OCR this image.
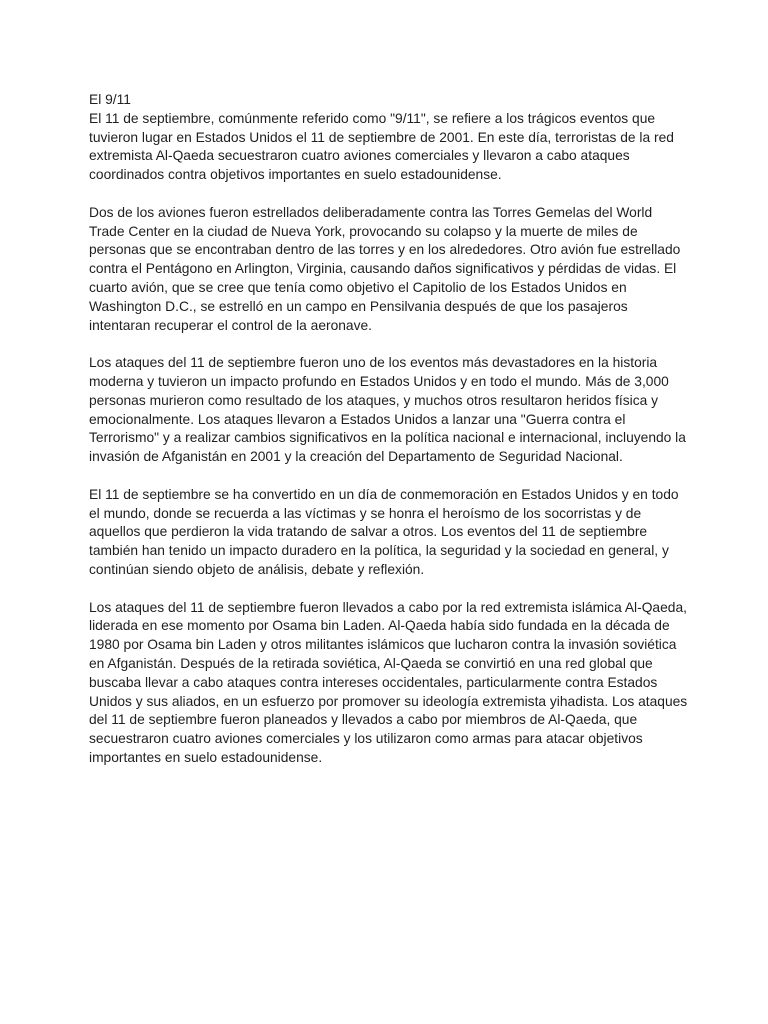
El 9/11

El 11 de septiembre, comúnmente referido como "9/11", se refiere a los trágicos eventos que tuvieron lugar en Estados Unidos el 11 de septiembre de 2001. En este día, terroristas de la red extremista Al-Qaeda secuestraron cuatro aviones comerciales y llevaron a cabo ataques coordinados contra objetivos importantes en suelo estadounidense.

Dos de los aviones fueron estrellados deliberadamente contra las Torres Gemelas del World Trade Center en la ciudad de Nueva York, provocando su colapso y la muerte de miles de personas que se encontraban dentro de las torres y en los alrededores. Otro avión fue estrellado contra el Pentágono en Arlington, Virginia, causando daños significativos y pérdidas de vidas. El cuarto avión, que se cree que tenía como objetivo el Capitolio de los Estados Unidos en Washington D.C., se estrelló en un campo en Pensilvania después de que los pasajeros intentaran recuperar el control de la aeronave.

Los ataques del 11 de septiembre fueron uno de los eventos más devastadores en la historia moderna y tuvieron un impacto profundo en Estados Unidos y en todo el mundo. Más de 3,000 personas murieron como resultado de los ataques, y muchos otros resultaron heridos física y emocionalmente. Los ataques llevaron a Estados Unidos a lanzar una "Guerra contra el Terrorismo" y a realizar cambios significativos en la política nacional e internacional, incluyendo la invasión de Afganistán en 2001 y la creación del Departamento de Seguridad Nacional.

El 11 de septiembre se ha convertido en un día de conmemoración en Estados Unidos y en todo el mundo, donde se recuerda a las víctimas y se honra el heroísmo de los socorristas y de aquellos que perdieron la vida tratando de salvar a otros. Los eventos del 11 de septiembre también han tenido un impacto duradero en la política, la seguridad y la sociedad en general, y continúan siendo objeto de análisis, debate y reflexión.

Los ataques del 11 de septiembre fueron llevados a cabo por la red extremista islámica Al-Qaeda, liderada en ese momento por Osama bin Laden. Al-Qaeda había sido fundada en la década de 1980 por Osama bin Laden y otros militantes islámicos que lucharon contra la invasión soviética en Afganistán. Después de la retirada soviética, Al-Qaeda se convirtió en una red global que buscaba llevar a cabo ataques contra intereses occidentales, particularmente contra Estados Unidos y sus aliados, en un esfuerzo por promover su ideología extremista yihadista. Los ataques del 11 de septiembre fueron planeados y llevados a cabo por miembros de Al-Qaeda, que secuestraron cuatro aviones comerciales y los utilizaron como armas para atacar objetivos importantes en suelo estadounidense.
